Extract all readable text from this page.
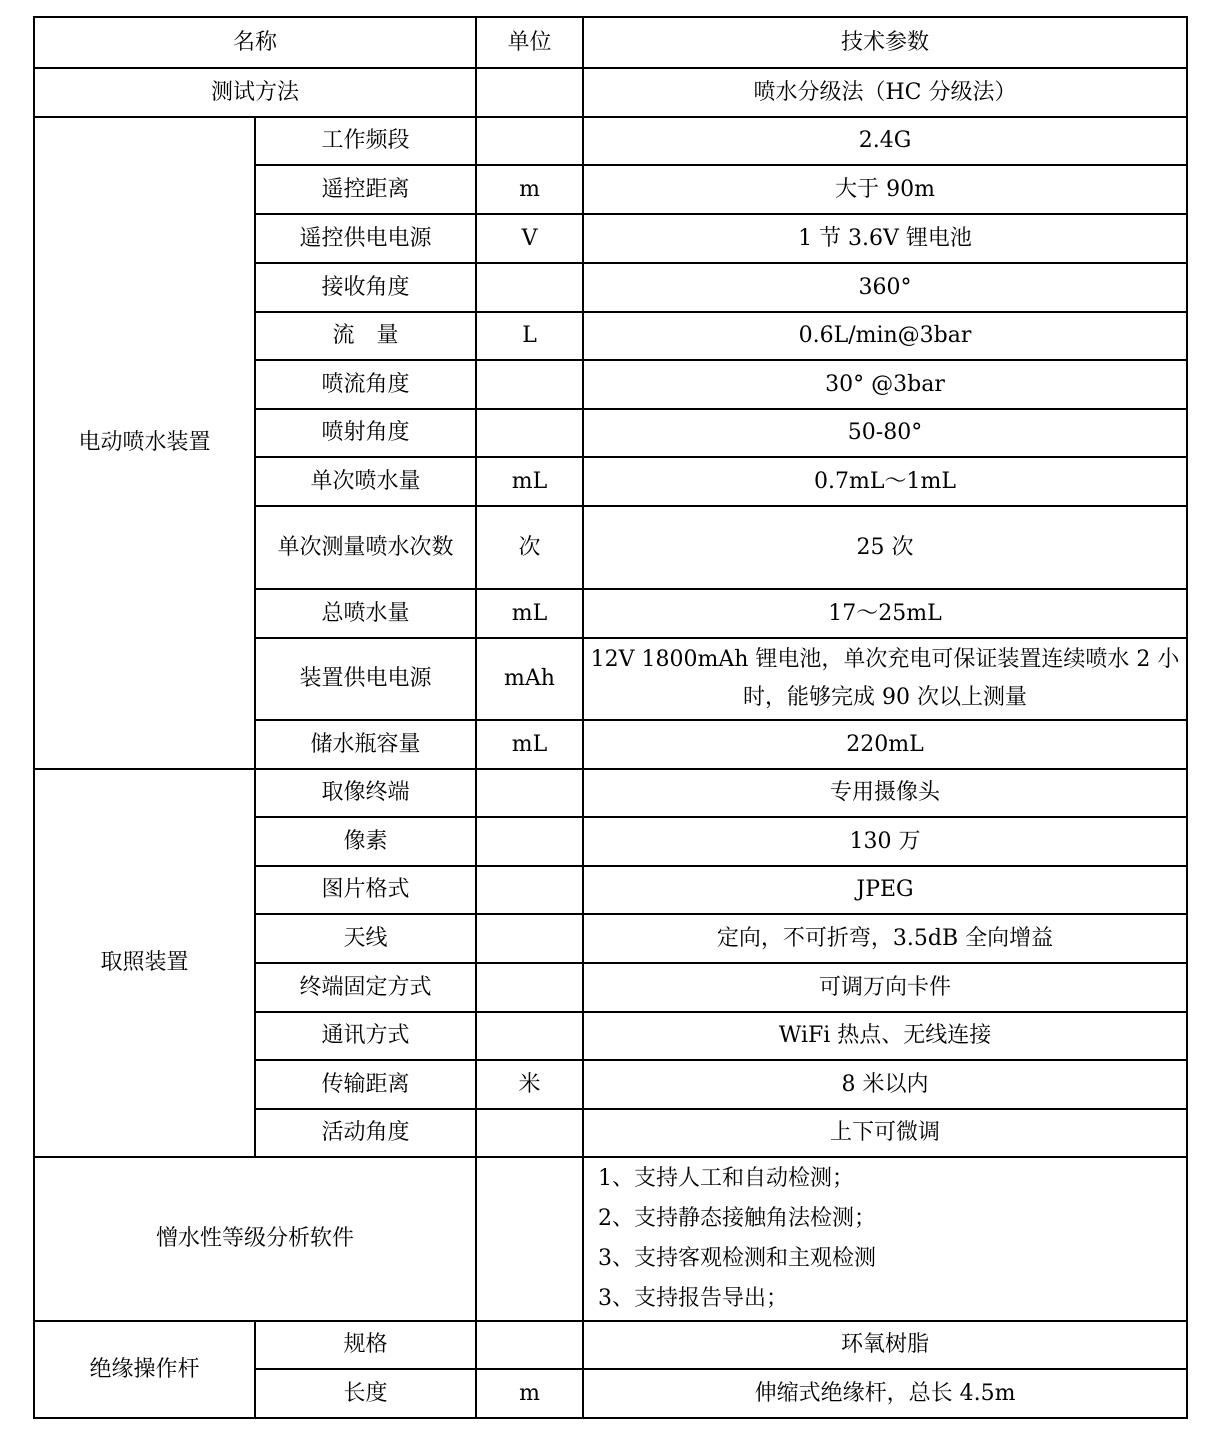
名称		单位	技术参数
测试方法			喷水分级法（HC 分级法）
电动喷水装置	工作频段		2.4G
	遥控距离	m	大于 90m
	遥控供电电源	V	1 节 3.6V 锂电池
	接收角度		360°
	流　量	L	0.6L/min@3bar
	喷流角度		30° @3bar
	喷射角度		50-80°
	单次喷水量	mL	0.7mL～1mL
	单次测量喷水次数	次	25 次
	总喷水量	mL	17～25mL
	装置供电电源	mAh	12V 1800mAh 锂电池，单次充电可保证装置连续喷水 2 小时，能够完成 90 次以上测量
	储水瓶容量	mL	220mL
取照装置	取像终端		专用摄像头
	像素		130 万
	图片格式		JPEG
	天线		定向，不可折弯，3.5dB 全向增益
	终端固定方式		可调万向卡件
	通讯方式		WiFi 热点、无线连接
	传输距离	米	8 米以内
	活动角度		上下可微调
憎水性等级分析软件			1、支持人工和自动检测；
2、支持静态接触角法检测；
3、支持客观检测和主观检测
3、支持报告导出；

绝缘操作杆	规格		环氧树脂
	长度	m	伸缩式绝缘杆，总长 4.5m
